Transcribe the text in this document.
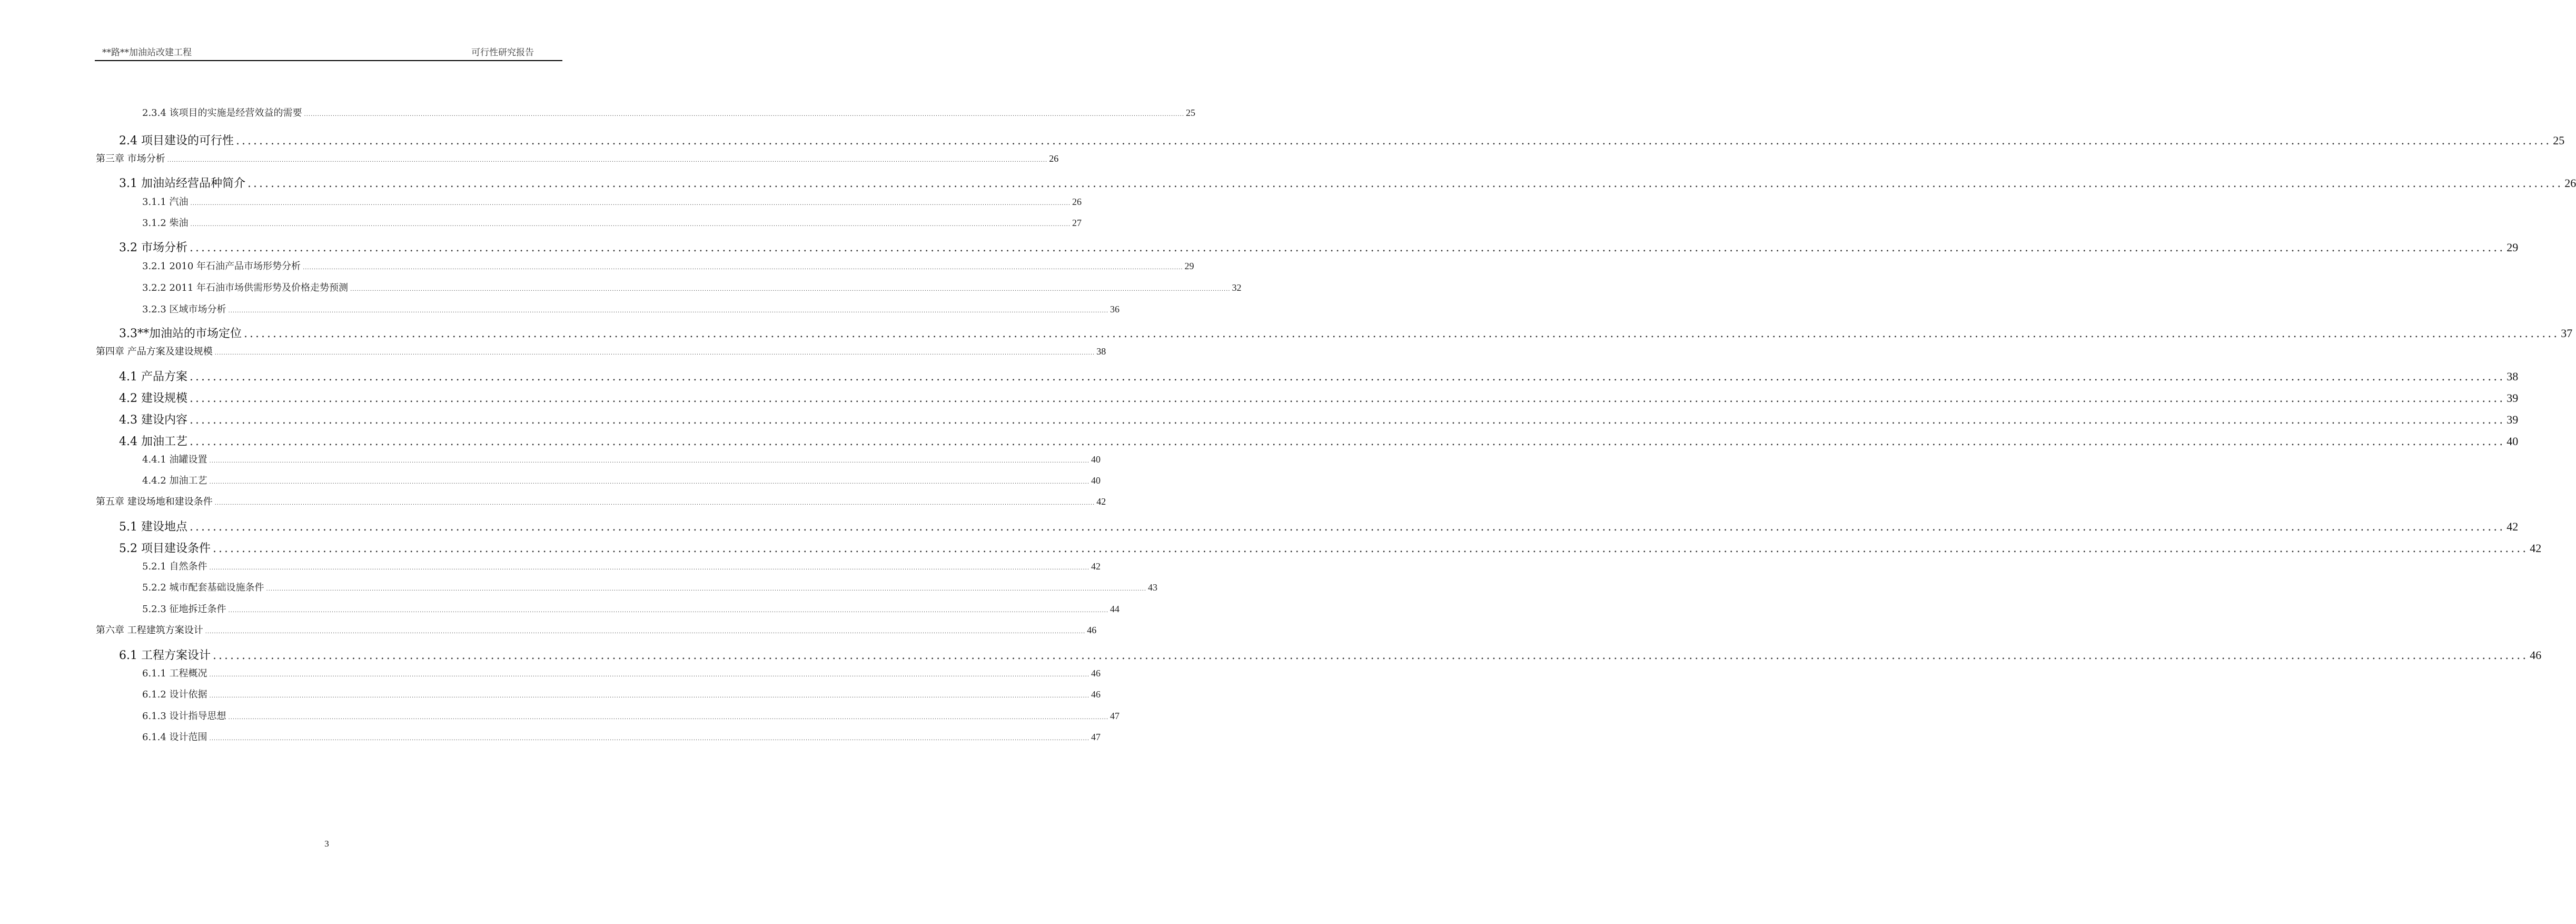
**路**加油站改建工程	可行性研究报告
2.3.4 该项目的实施是经营效益的需要 ................................................................................................................................................................................................................................................................................................................................................................................................................ 25
2.4 项目建设的可行性 ................................................................................................................................................................................................................................................................................................................................................................................................................ 25
第三章 市场分析 ................................................................................................................................................................................................................................................................................................................................................................................................................ 26
3.1 加油站经营品种简介 ................................................................................................................................................................................................................................................................................................................................................................................................................ 26
3.1.1 汽油 ................................................................................................................................................................................................................................................................................................................................................................................................................ 26
3.1.2 柴油 ................................................................................................................................................................................................................................................................................................................................................................................................................ 27
3.2 市场分析 ................................................................................................................................................................................................................................................................................................................................................................................................................ 29
3.2.1 2010 年石油产品市场形势分析 ................................................................................................................................................................................................................................................................................................................................................................................................................ 29
3.2.2 2011 年石油市场供需形势及价格走势预测 ................................................................................................................................................................................................................................................................................................................................................................................................................ 32
3.2.3 区域市场分析 ................................................................................................................................................................................................................................................................................................................................................................................................................ 36
3.3**加油站的市场定位 ................................................................................................................................................................................................................................................................................................................................................................................................................ 37
第四章 产品方案及建设规模 ................................................................................................................................................................................................................................................................................................................................................................................................................ 38
4.1 产品方案 ................................................................................................................................................................................................................................................................................................................................................................................................................ 38
4.2 建设规模 ................................................................................................................................................................................................................................................................................................................................................................................................................ 39
4.3 建设内容 ................................................................................................................................................................................................................................................................................................................................................................................................................ 39
4.4 加油工艺 ................................................................................................................................................................................................................................................................................................................................................................................................................ 40
4.4.1 油罐设置 ................................................................................................................................................................................................................................................................................................................................................................................................................ 40
4.4.2 加油工艺 ................................................................................................................................................................................................................................................................................................................................................................................................................ 40
第五章 建设场地和建设条件 ................................................................................................................................................................................................................................................................................................................................................................................................................ 42
5.1 建设地点 ................................................................................................................................................................................................................................................................................................................................................................................................................ 42
5.2 项目建设条件 ................................................................................................................................................................................................................................................................................................................................................................................................................ 42
5.2.1 自然条件 ................................................................................................................................................................................................................................................................................................................................................................................................................ 42
5.2.2 城市配套基础设施条件 ................................................................................................................................................................................................................................................................................................................................................................................................................ 43
5.2.3 征地拆迁条件 ................................................................................................................................................................................................................................................................................................................................................................................................................ 44
第六章 工程建筑方案设计 ................................................................................................................................................................................................................................................................................................................................................................................................................ 46
6.1 工程方案设计 ................................................................................................................................................................................................................................................................................................................................................................................................................ 46
6.1.1 工程概况 ................................................................................................................................................................................................................................................................................................................................................................................................................ 46
6.1.2 设计依据 ................................................................................................................................................................................................................................................................................................................................................................................................................ 46
6.1.3 设计指导思想 ................................................................................................................................................................................................................................................................................................................................................................................................................ 47
6.1.4 设计范围 ................................................................................................................................................................................................................................................................................................................................................................................................................ 47
3
